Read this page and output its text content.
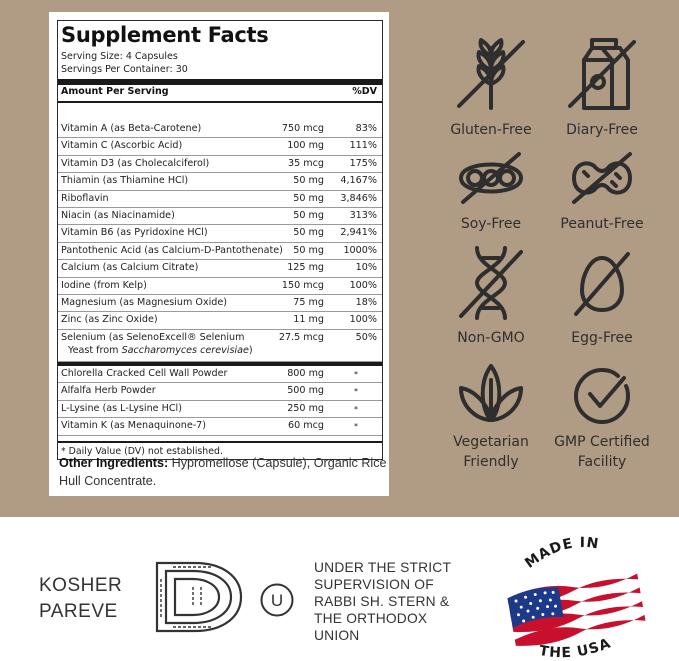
Supplement Facts
Serving Size: 4 Capsules
Servings Per Container: 30
Amount Per Serving	%DV
Vitamin A (as Beta-Carotene)	750 mcg	83%
Vitamin C (Ascorbic Acid)	100 mg	111%
Vitamin D3 (as Cholecalciferol)	35 mcg	175%
Thiamin (as Thiamine HCl)	50 mg 4,167%
Riboflavin	50 mg 3,846%
Niacin (as Niacinamide)	50 mg	313%
Vitamin B6 (as Pyridoxine HCl)	50 mg 2,941%
Pantothenic Acid (as Calcium-D-Pantothenate) 50 mg 1000%
Calcium (as Calcium Citrate)	125 mg	10%
Iodine (from Kelp)	150 mcg	100%
Magnesium (as Magnesium Oxide)	75 mg	18%
Zinc (as Zinc Oxide)	11 mg	100%
Selenium (as SelenoExcell® Selenium
Yeast from Saccharomyces cerevisiae)
27.5 mcg	50%
Chlorella Cracked Cell Wall Powder	800 mg	*
Alfalfa Herb Powder	500 mg	*
L-Lysine (as L-Lysine HCl)	250 mg	*
Vitamin K (as Menaquinone-7)	60 mcg	*
* Daily Value (DV) not established.
Other Ingredients: Hypromellose (Capsule), Organic Rice Hull Concentrate.
Gluten-Free	Diary-Free
Soy-Free	Peanut-Free
Non-GMO	Egg-Free
Vegetarian
Friendly
GMP Certified
Facility
KOSHER
PAREVE
U
UNDER THE STRICT
SUPERVISION OF
RABBI SH. STERN &
THE ORTHODOX
UNION
MADE IN
THE USA
